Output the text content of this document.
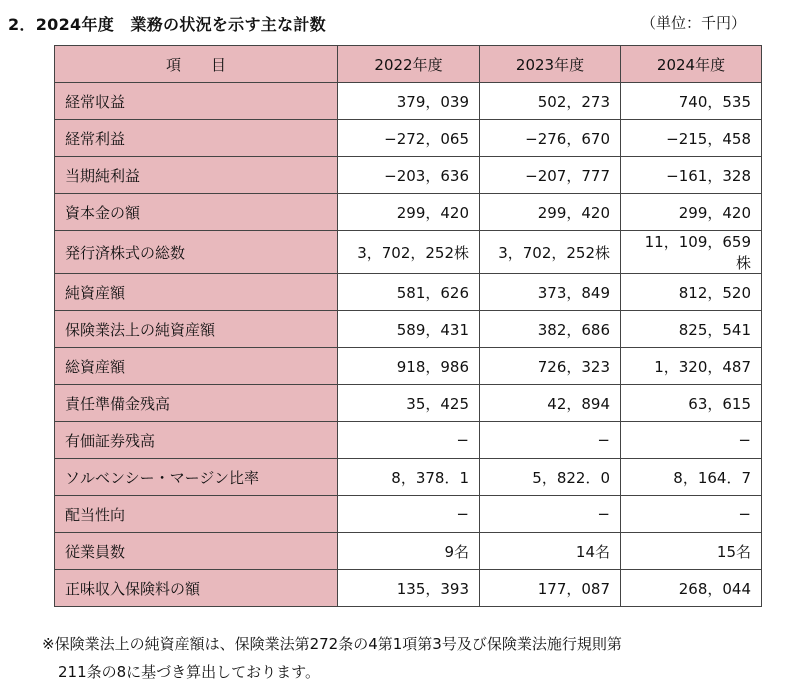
2．2024年度　業務の状況を示す主な計数	（単位：千円）
項　　目	2022年度	2023年度	2024年度
経常収益	379，039	502，273	740，535
経常利益	−272，065	−276，670	−215，458
当期純利益	−203，636	−207，777	−161，328
資本金の額	299，420	299，420	299，420
発行済株式の総数	3，702，252株	3，702，252株	11，109，659株
純資産額	581，626	373，849	812，520
保険業法上の純資産額	589，431	382，686	825，541
総資産額	918，986	726，323	1，320，487
責任準備金残高	35，425	42，894	63，615
有価証券残高	−	−	−
ソルベンシー・マージン比率	8，378．1	5，822．0	8，164．7
配当性向	−	−	−
従業員数	9名	14名	15名
正味収入保険料の額	135，393	177，087	268，044
※保険業法上の純資産額は、保険業法第272条の4第1項第3号及び保険業法施行規則第
211条の8に基づき算出しております。
